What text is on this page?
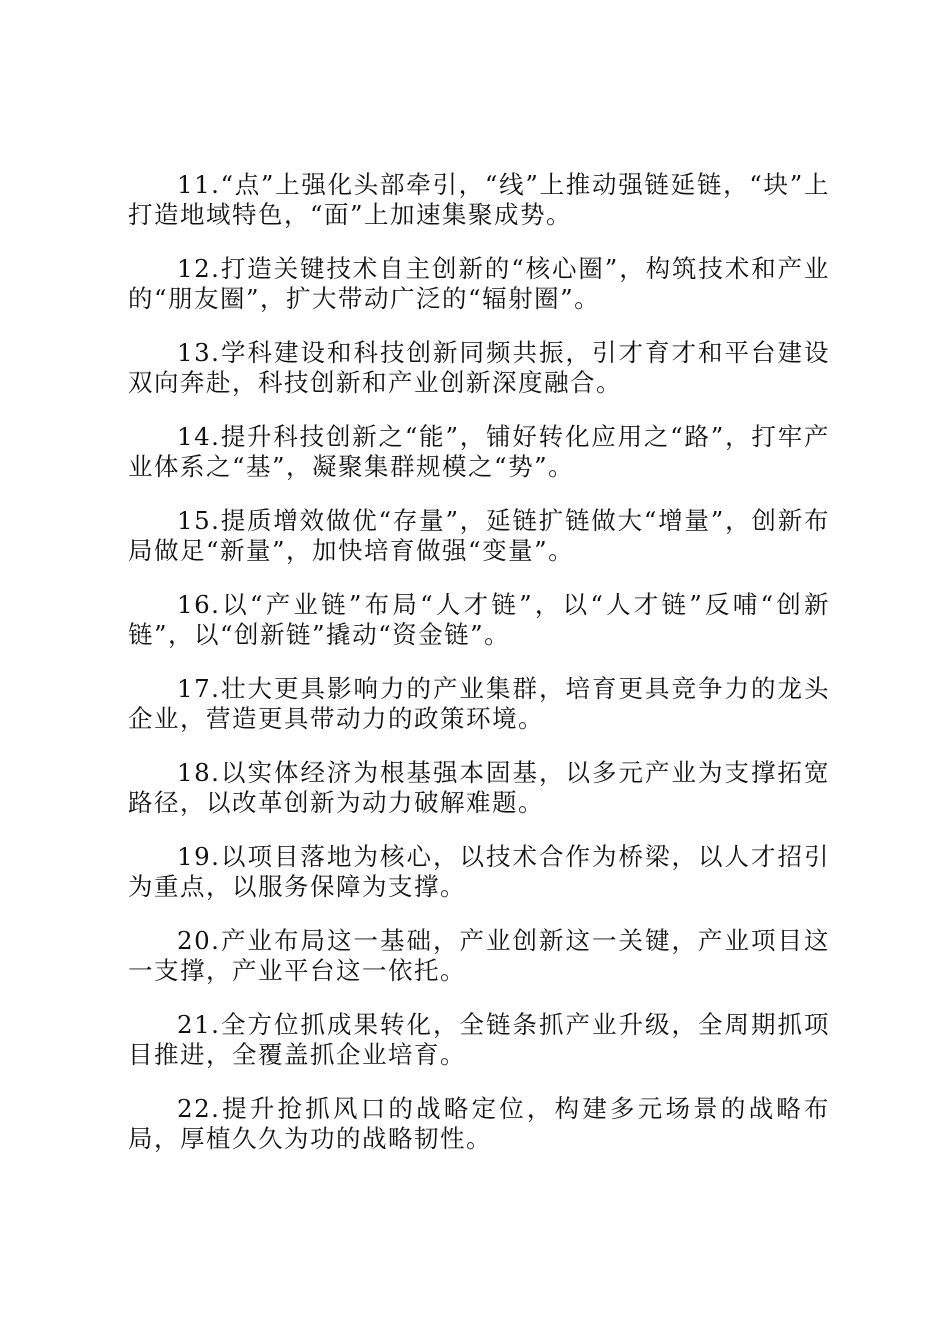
11.“点”上强化头部牵引，“线”上推动强链延链，“块”上打造地域特色，“面”上加速集聚成势。

12.打造关键技术自主创新的“核心圈”，构筑技术和产业的“朋友圈”，扩大带动广泛的“辐射圈”。

13.学科建设和科技创新同频共振，引才育才和平台建设双向奔赴，科技创新和产业创新深度融合。

14.提升科技创新之“能”，铺好转化应用之“路”，打牢产业体系之“基”，凝聚集群规模之“势”。

15.提质增效做优“存量”，延链扩链做大“增量”，创新布局做足“新量”，加快培育做强“变量”。

16.以“产业链”布局“人才链”，以“人才链”反哺“创新链”，以“创新链”撬动“资金链”。

17.壮大更具影响力的产业集群，培育更具竞争力的龙头企业，营造更具带动力的政策环境。

18.以实体经济为根基强本固基，以多元产业为支撑拓宽路径，以改革创新为动力破解难题。

19.以项目落地为核心，以技术合作为桥梁，以人才招引为重点，以服务保障为支撑。

20.产业布局这一基础，产业创新这一关键，产业项目这一支撑，产业平台这一依托。

21.全方位抓成果转化，全链条抓产业升级，全周期抓项目推进，全覆盖抓企业培育。

22.提升抢抓风口的战略定位，构建多元场景的战略布局，厚植久久为功的战略韧性。
